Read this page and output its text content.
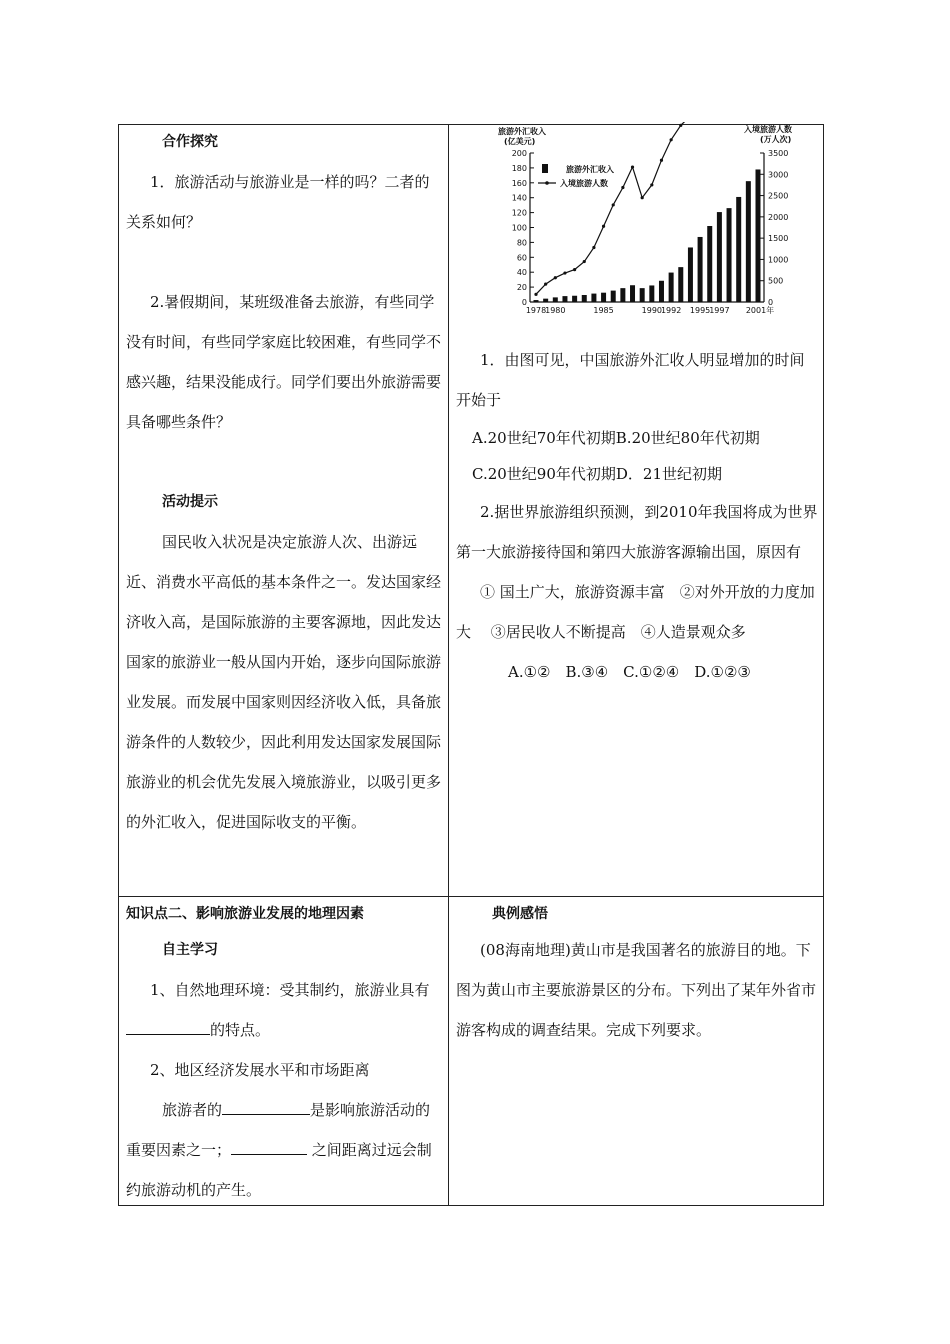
0
20
40
60
80
100
120
140
160
180
200
0
500
1000
1500
2000
2500
3000
3500
1978
1980	1985	1990
1992 1995
1997 2001年
旅游外汇收入
(亿美元)
入境旅游人数
(万人次)
旅游外汇收入
入境旅游人数

合作探究

1．旅游活动与旅游业是一样的吗？二者的关系如何？

2.暑假期间，某班级准备去旅游，有些同学没有时间，有些同学家庭比较困难，有些同学不感兴趣，结果没能成行。同学们要出外旅游需要具备哪些条件？

活动提示

国民收入状况是决定旅游人次、出游远近、消费水平高低的基本条件之一。发达国家经济收入高，是国际旅游的主要客源地，因此发达国家的旅游业一般从国内开始，逐步向国际旅游业发展。而发展中国家则因经济收入低，具备旅游条件的人数较少，因此利用发达国家发展国际旅游业的机会优先发展入境旅游业，以吸引更多的外汇收入，促进国际收支的平衡。

1．由图可见，中国旅游外汇收人明显增加的时间开始于

A.20世纪70年代初期B.20世纪80年代初期

C.20世纪90年代初期D．21世纪初期

2.据世界旅游组织预测，到2010年我国将成为世界第一大旅游接待国和第四大旅游客源输出国，原因有

① 国土广大，旅游资源丰富　②对外开放的力度加大　 ③居民收人不断提高　④人造景观众多

A.①②　B.③④　C.①②④　D.①②③

知识点二、影响旅游业发展的地理因素

自主学习

1、自然地理环境：受其制约，旅游业具有的特点。

2、地区经济发展水平和市场距离

旅游者的	是影响旅游活动的重要因素之一；	之间距离过远会制约旅游动机的产生。

典例感悟

(08海南地理)黄山市是我国著名的旅游目的地。下图为黄山市主要旅游景区的分布。下列出了某年外省市游客构成的调查结果。完成下列要求。
